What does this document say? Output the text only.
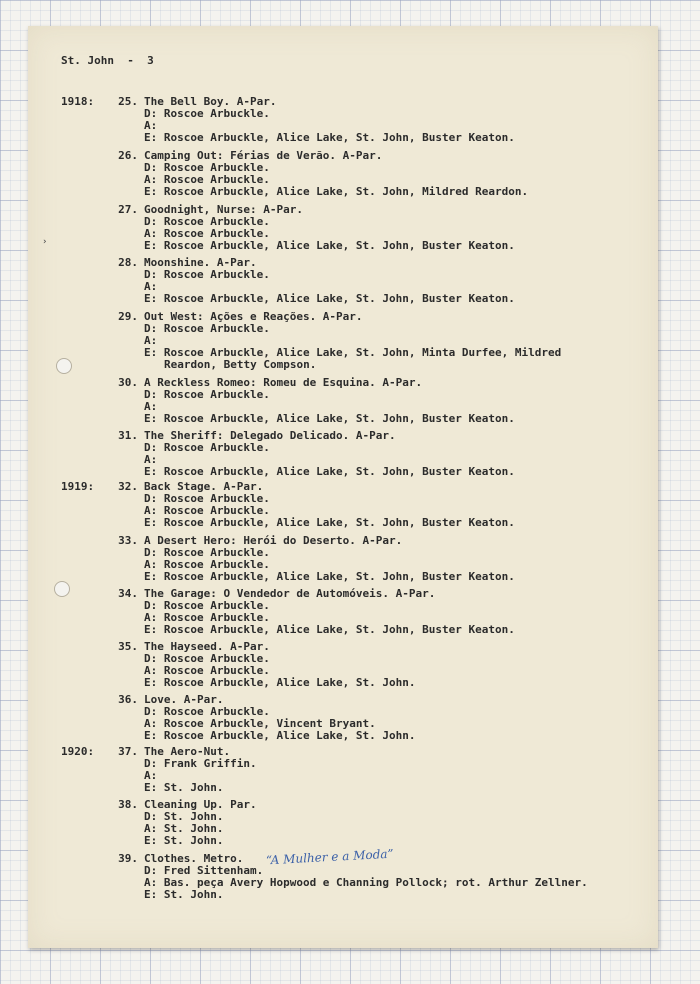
›
St. John  -  3
1918:
1919:
1920:
25. The Bell Boy. A-Par.
D: Roscoe Arbuckle.
A:
E: Roscoe Arbuckle, Alice Lake, St. John, Buster Keaton.
26. Camping Out: Férias de Verão. A-Par.
D: Roscoe Arbuckle.
A: Roscoe Arbuckle.
E: Roscoe Arbuckle, Alice Lake, St. John, Mildred Reardon.
27. Goodnight, Nurse: A-Par.
D: Roscoe Arbuckle.
A: Roscoe Arbuckle.
E: Roscoe Arbuckle, Alice Lake, St. John, Buster Keaton.
28. Moonshine. A-Par.
D: Roscoe Arbuckle.
A:
E: Roscoe Arbuckle, Alice Lake, St. John, Buster Keaton.
29. Out West: Ações e Reações. A-Par.
D: Roscoe Arbuckle.
A:
E: Roscoe Arbuckle, Alice Lake, St. John, Minta Durfee, Mildred
Reardon, Betty Compson.
30. A Reckless Romeo: Romeu de Esquina. A-Par.
D: Roscoe Arbuckle.
A:
E: Roscoe Arbuckle, Alice Lake, St. John, Buster Keaton.
31. The Sheriff: Delegado Delicado. A-Par.
D: Roscoe Arbuckle.
A:
E: Roscoe Arbuckle, Alice Lake, St. John, Buster Keaton.
32. Back Stage. A-Par.
D: Roscoe Arbuckle.
A: Roscoe Arbuckle.
E: Roscoe Arbuckle, Alice Lake, St. John, Buster Keaton.
33. A Desert Hero: Herói do Deserto. A-Par.
D: Roscoe Arbuckle.
A: Roscoe Arbuckle.
E: Roscoe Arbuckle, Alice Lake, St. John, Buster Keaton.
34. The Garage: O Vendedor de Automóveis. A-Par.
D: Roscoe Arbuckle.
A: Roscoe Arbuckle.
E: Roscoe Arbuckle, Alice Lake, St. John, Buster Keaton.
35. The Hayseed. A-Par.
D: Roscoe Arbuckle.
A: Roscoe Arbuckle.
E: Roscoe Arbuckle, Alice Lake, St. John.
36. Love. A-Par.
D: Roscoe Arbuckle.
A: Roscoe Arbuckle, Vincent Bryant.
E: Roscoe Arbuckle, Alice Lake, St. John.
37. The Aero-Nut.
D: Frank Griffin.
A:
E: St. John.
38. Cleaning Up. Par.
D: St. John.
A: St. John.
E: St. John.
39. Clothes. Metro. “A Mulher e a Moda”
D: Fred Sittenham.
A: Bas. peça Avery Hopwood e Channing Pollock; rot. Arthur Zellner.
E: St. John.
